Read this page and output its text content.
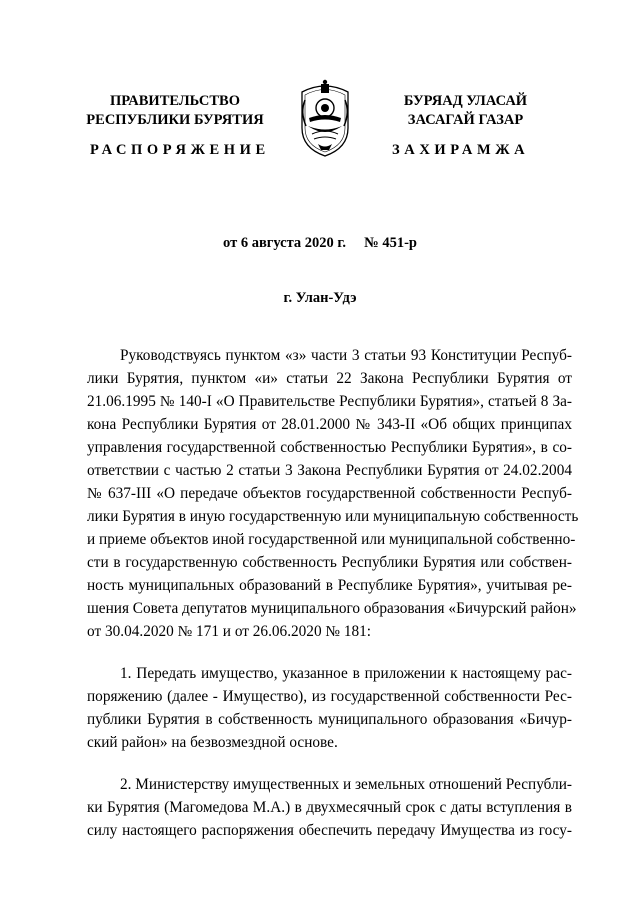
ПРАВИТЕЛЬСТВО
РЕСПУБЛИКИ БУРЯТИЯ
РАСПОРЯЖЕНИЕ
БУРЯАД УЛАСАЙ
ЗАСАГАЙ ГАЗАР
ЗАХИРАМЖА
от 6 августа 2020 г. № 451-р
г. Улан-Удэ
Руководствуясь пунктом «з» части 3 статьи 93 Конституции Респуб-
лики Бурятия, пунктом «и» статьи 22 Закона Республики Бурятия от
21.06.1995 № 140-I «О Правительстве Республики Бурятия», статьей 8 За-
кона Республики Бурятия от 28.01.2000 № 343-II «Об общих принципах
управления государственной собственностью Республики Бурятия», в со-
ответствии с частью 2 статьи 3 Закона Республики Бурятия от 24.02.2004
№ 637-III «О передаче объектов государственной собственности Респуб-
лики Бурятия в иную государственную или муниципальную собственность
и приеме объектов иной государственной или муниципальной собственно-
сти в государственную собственность Республики Бурятия или собствен-
ность муниципальных образований в Республике Бурятия», учитывая ре-
шения Совета депутатов муниципального образования «Бичурский район»
от 30.04.2020 № 171 и от 26.06.2020 № 181:
1. Передать имущество, указанное в приложении к настоящему рас-
поряжению (далее - Имущество), из государственной собственности Рес-
публики Бурятия в собственность муниципального образования «Бичур-
ский район» на безвозмездной основе.
2. Министерству имущественных и земельных отношений Республи-
ки Бурятия (Магомедова М.А.) в двухмесячный срок с даты вступления в
силу настоящего распоряжения обеспечить передачу Имущества из госу-
